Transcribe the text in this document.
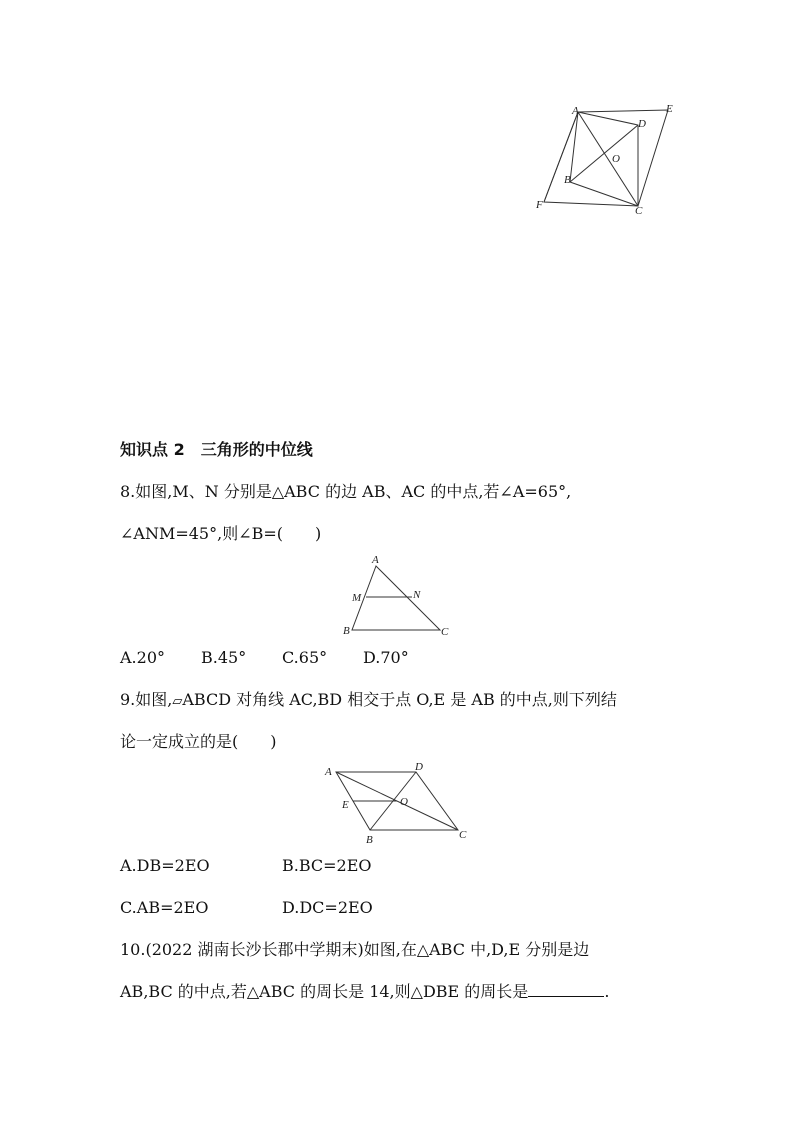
A	E
D
O
B
F	C
知识点 2　三角形的中位线
8.如图,M、N 分别是△ABC 的边 AB、AC 的中点,若∠A=65°,
∠ANM=45°,则∠B=(　　)
A
M	N
B	C
A.20° B.45° C.65° D.70°
9.如图,▱ABCD 对角线 AC,BD 相交于点 O,E 是 AB 的中点,则下列结
论一定成立的是(　　)
A	D
E	O
B	C
A.DB=2EO	B.BC=2EO
C.AB=2EO	D.DC=2EO
10.(2022 湖南长沙长郡中学期末)如图,在△ABC 中,D,E 分别是边
AB,BC 的中点,若△ABC 的周长是 14,则△DBE 的周长是	.
